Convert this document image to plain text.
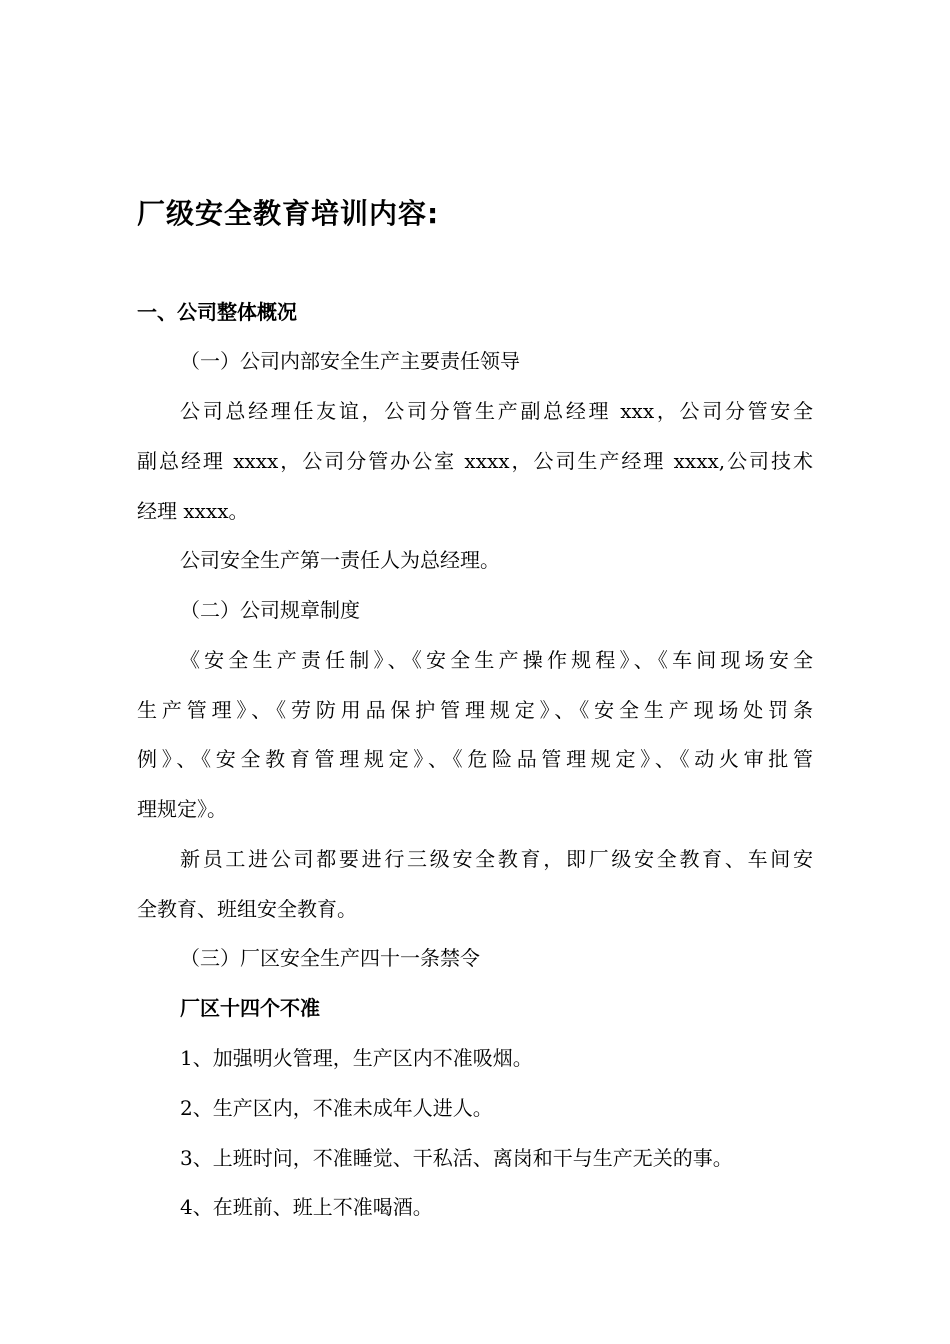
厂级安全教育培训内容:
一、公司整体概况
（一）公司内部安全生产主要责任领导
公司总经理任友谊，公司分管生产副总经理 xxx，公司分管安全
副总经理 xxxx，公司分管办公室 xxxx，公司生产经理 xxxx,公司技术
经理 xxxx。
公司安全生产第一责任人为总经理。
（二）公司规章制度
《安全生产责任制》、《安全生产操作规程》、《车间现场安全
生产管理》、《劳防用品保护管理规定》、《安全生产现场处罚条
例》、《安全教育管理规定》、《危险品管理规定》、《动火审批管
理规定》。
新员工进公司都要进行三级安全教育，即厂级安全教育、车间安
全教育、班组安全教育。
（三）厂区安全生产四十一条禁令
厂区十四个不准
1、加强明火管理，生产区内不准吸烟。
2、生产区内，不准未成年人进人。
3、上班时问，不准睡觉、干私活、离岗和干与生产无关的事。
4、在班前、班上不准喝酒。
